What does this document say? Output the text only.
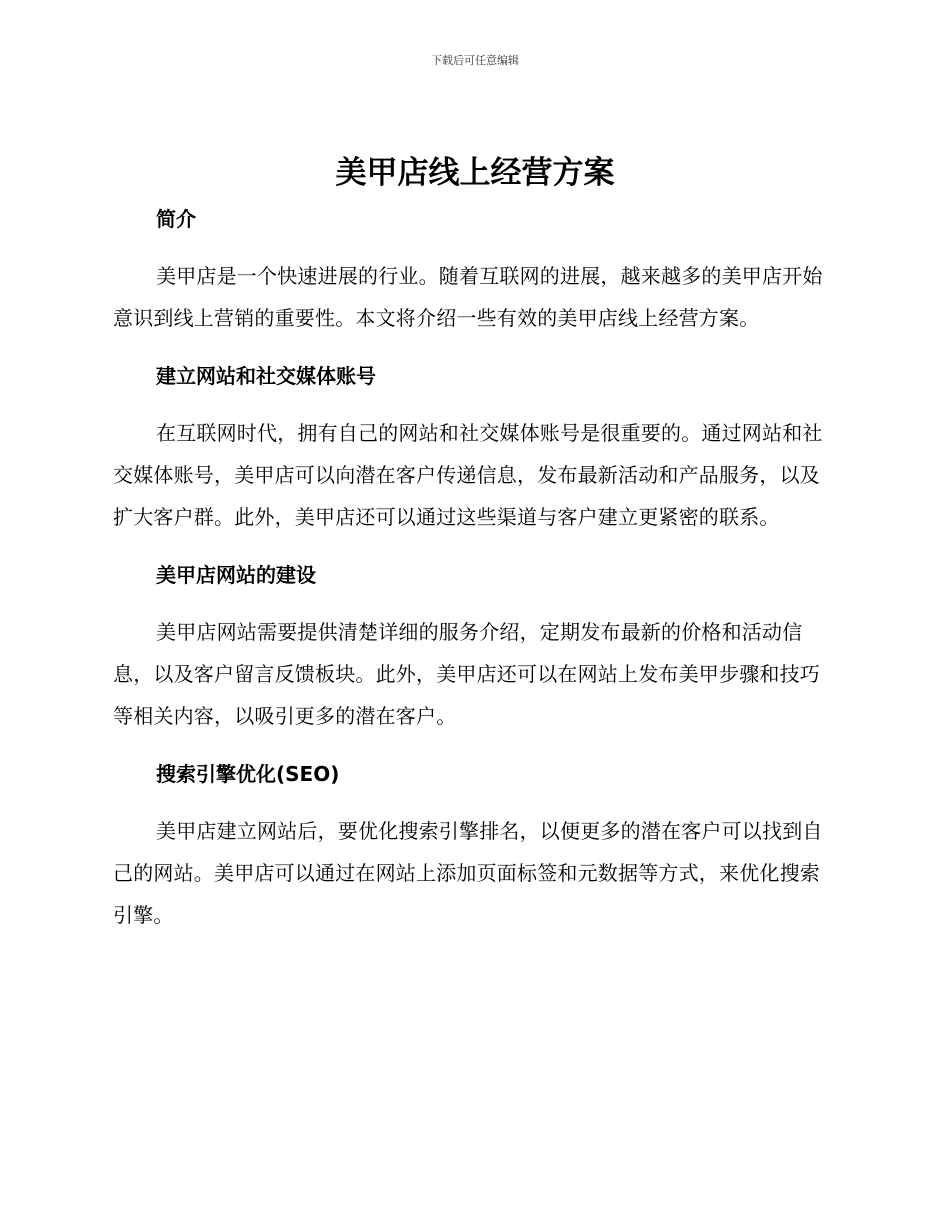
下载后可任意编辑
美甲店线上经营方案
简介

美甲店是一个快速进展的行业。随着互联网的进展，越来越多的美甲店开始意识到线上营销的重要性。本文将介绍一些有效的美甲店线上经营方案。

建立网站和社交媒体账号

在互联网时代，拥有自己的网站和社交媒体账号是很重要的。通过网站和社交媒体账号，美甲店可以向潜在客户传递信息，发布最新活动和产品服务，以及扩大客户群。此外，美甲店还可以通过这些渠道与客户建立更紧密的联系。

美甲店网站的建设

美甲店网站需要提供清楚详细的服务介绍，定期发布最新的价格和活动信息，以及客户留言反馈板块。此外，美甲店还可以在网站上发布美甲步骤和技巧等相关内容，以吸引更多的潜在客户。

搜索引擎优化(SEO)

美甲店建立网站后，要优化搜索引擎排名，以便更多的潜在客户可以找到自己的网站。美甲店可以通过在网站上添加页面标签和元数据等方式，来优化搜索引擎。
